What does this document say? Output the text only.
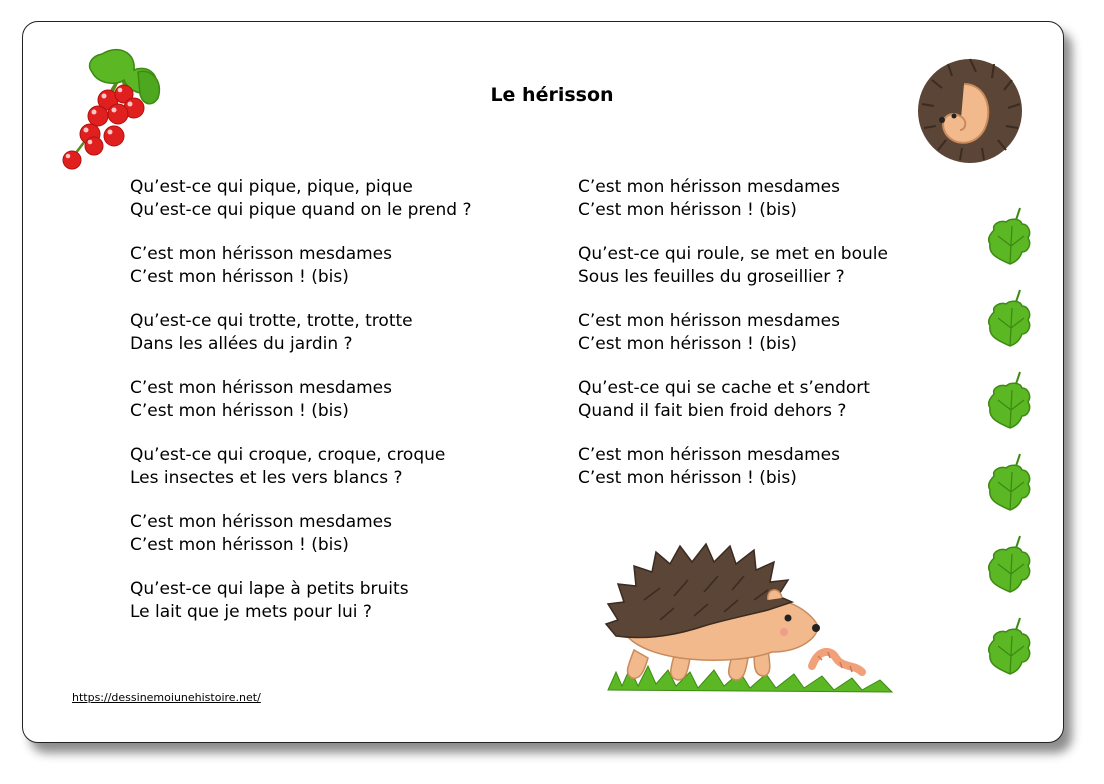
Le hérisson
Qu’est-ce qui pique, pique, pique
Qu’est-ce qui pique quand on le prend ?
C’est mon hérisson mesdames
C’est mon hérisson ! (bis)
Qu’est-ce qui trotte, trotte, trotte
Dans les allées du jardin ?
C’est mon hérisson mesdames
C’est mon hérisson ! (bis)
Qu’est-ce qui croque, croque, croque
Les insectes et les vers blancs ?
C’est mon hérisson mesdames
C’est mon hérisson ! (bis)
Qu’est-ce qui lape à petits bruits
Le lait que je mets pour lui ?
C’est mon hérisson mesdames
C’est mon hérisson ! (bis)
Qu’est-ce qui roule, se met en boule
Sous les feuilles du groseillier ?
C’est mon hérisson mesdames
C’est mon hérisson ! (bis)
Qu’est-ce qui se cache et s’endort
Quand il fait bien froid dehors ?
C’est mon hérisson mesdames
C’est mon hérisson ! (bis)
https://dessinemoiunehistoire.net/
